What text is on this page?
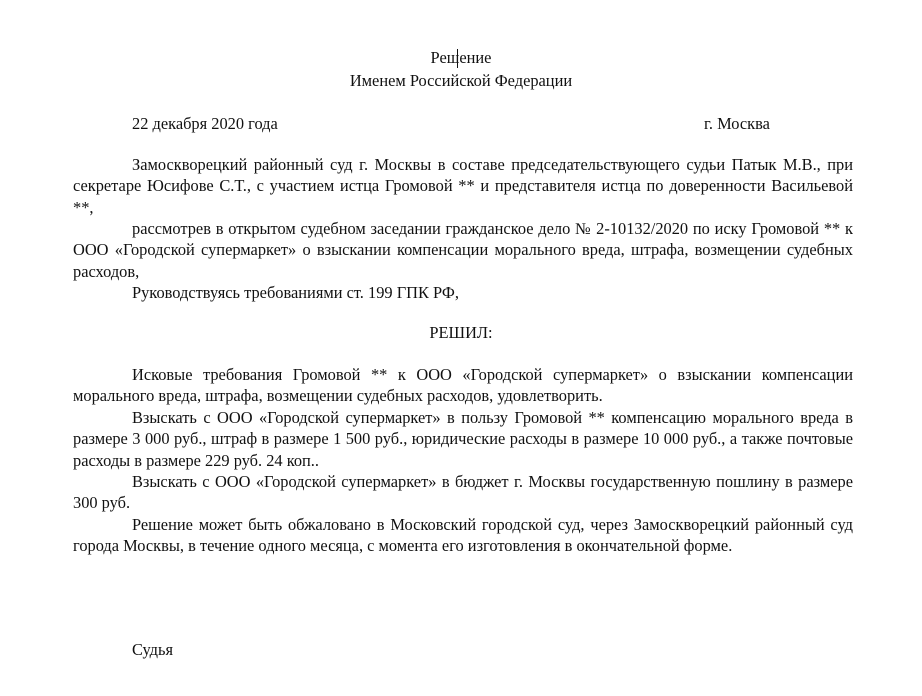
Решение
Именем Российской Федерации
22 декабря 2020 года	г. Москва
Замоскворецкий районный суд г. Москвы в составе председательствующего судьи Патык М.В., при секретаре Юсифове С.Т., с участием истца Громовой ** и представителя истца по доверенности Васильевой **,
рассмотрев в открытом судебном заседании гражданское дело № 2-10132/2020 по иску Громовой ** к ООО «Городской супермаркет» о взыскании компенсации морального вреда, штрафа, возмещении судебных расходов,
Руководствуясь требованиями ст. 199 ГПК РФ,
РЕШИЛ:
Исковые требования Громовой ** к ООО «Городской супермаркет» о взыскании компенсации морального вреда, штрафа, возмещении судебных расходов, удовлетворить.
Взыскать с ООО «Городской супермаркет» в пользу Громовой ** компенсацию морального вреда в размере 3 000 руб., штраф в размере 1 500 руб., юридические расходы в размере 10 000 руб., а также почтовые расходы в размере 229 руб. 24 коп..
Взыскать с ООО «Городской супермаркет» в бюджет г. Москвы государственную пошлину в размере 300 руб.
Решение может быть обжаловано в Московский городской суд, через Замоскворецкий районный суд города Москвы, в течение одного месяца, с момента его изготовления в окончательной форме.
Судья
